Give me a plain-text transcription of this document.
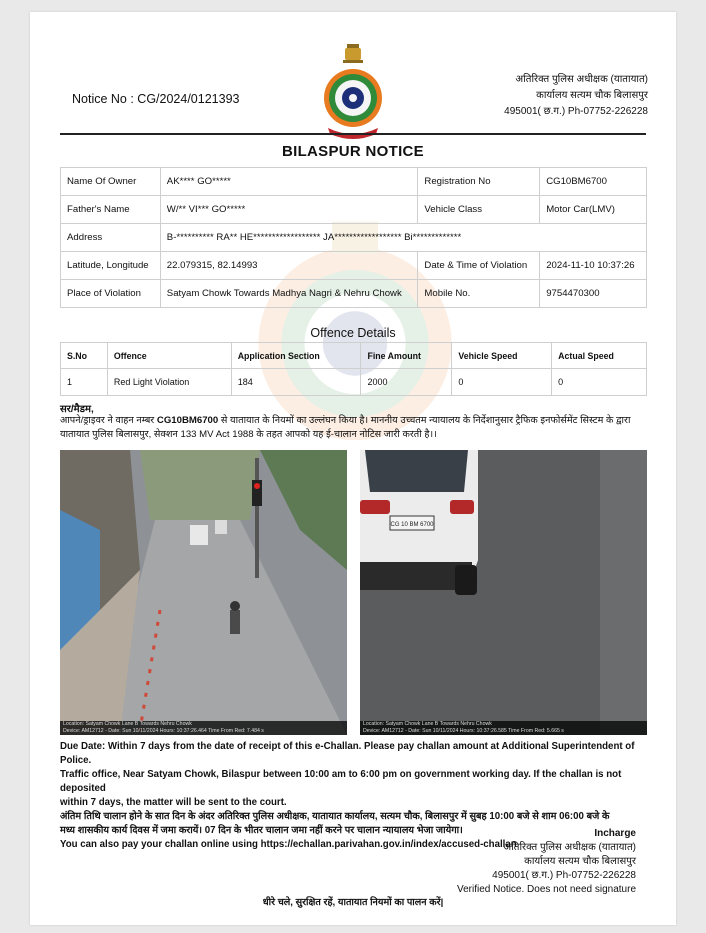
Notice No : CG/2024/0121393
अतिरिक्त पुलिस अधीक्षक (यातायात)
कार्यालय सत्यम चौक बिलासपुर
495001( छ.ग.) Ph-07752-226228
BILASPUR NOTICE
Name Of Owner	AK**** GO*****	Registration No	CG10BM6700
Father's Name	W/** VI*** GO*****	Vehicle Class	Motor Car(LMV)
Address	B-********** RA** HE****************** JA****************** Bi*************		
Latitude, Longitude	22.079315, 82.14993	Date & Time of Violation	2024-11-10 10:37:26
Place of Violation	Satyam Chowk Towards Madhya Nagri & Nehru Chowk	Mobile No.	9754470300
Offence Details
S.No	Offence	Application Section	Fine Amount	Vehicle Speed	Actual Speed
1	Red Light Violation	184	2000	0	0
सर/मैडम,
आपने/ड्राइवर ने वाहन नम्बर CG10BM6700 से यातायात के नियमों का उल्लंघन किया है। माननीय उच्चतम न्यायालय के निर्देशानुसार ट्रैफिक इनफोर्समेंट सिस्टम के द्वारा
यातायात पुलिस बिलासपुर, सेक्शन 133 MV Act 1988 के तहत आपको यह ई-चालान नोटिस जारी करती है।।
Location: Satyam Chowk Lane B Towards Nehru Chowk
Device: AM12712 - Date: Sun 10/11/2024 Hours: 10:37:26.464 Time From Red: 7.484 s
CG 10 BM 6700
Location: Satyam Chowk Lane B Towards Nehru Chowk
Device: AM12712 - Date: Sun 10/11/2024 Hours: 10:37:26.585 Time From Red: 5.665 s
Due Date: Within 7 days from the date of receipt of this e-Challan. Please pay challan amount at Additional Superintendent of Police.
Traffic office, Near Satyam Chowk, Bilaspur between 10:00 am to 6:00 pm on government working day. If the challan is not deposited
within 7 days, the matter will be sent to the court.
अंतिम तिथि चालान होने के सात दिन के अंदर अतिरिक्त पुलिस अधीक्षक, यातायात कार्यालय, सत्यम चौक, बिलासपुर में सुबह 10:00 बजे से शाम 06:00 बजे के
मध्य शासकीय कार्य दिवस में जमा करायें। 07 दिन के भीतर चालान जमा नहीं करने पर चालान न्यायालय भेजा जायेगा।
You can also pay your challan online using https://echallan.parivahan.gov.in/index/accused-challan
Incharge
अतिरिक्त पुलिस अधीक्षक (यातायात)
कार्यालय सत्यम चौक बिलासपुर
495001( छ.ग.) Ph-07752-226228
Verified Notice. Does not need signature
धीरे चले, सुरक्षित रहें, यातायात नियमों का पालन करें|
